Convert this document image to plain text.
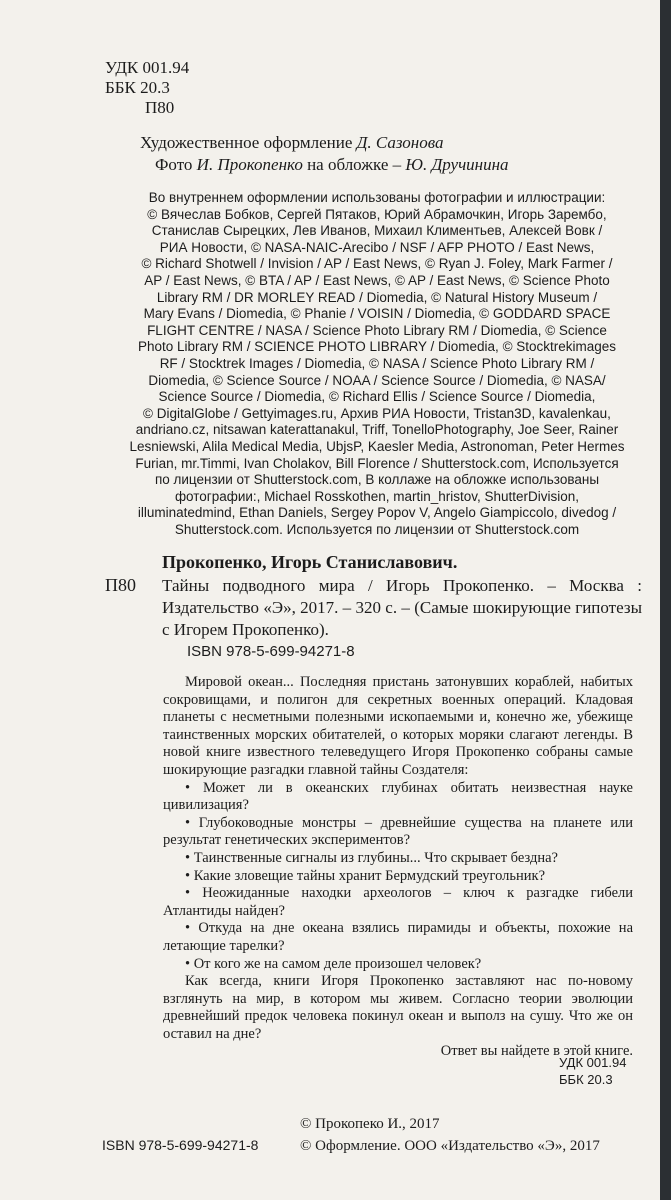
УДК 001.94
ББК 20.3
П80
Художественное оформление Д. Сазонова
Фото И. Прокопенко на обложке – Ю. Дручинина
Во внутреннем оформлении использованы фотографии и иллюстрации:
© Вячеслав Бобков, Сергей Пятаков, Юрий Абрамочкин, Игорь Зарембо,
Станислав Сырецких, Лев Иванов, Михаил Климентьев, Алексей Вовк /
РИА Новости, © NASA-NAIC-Arecibo / NSF / AFP PHOTO / East News,
© Richard Shotwell / Invision / AP / East News, © Ryan J. Foley, Mark Farmer /
AP / East News, © BTA / AP / East News, © AP / East News, © Science Photo
Library RM / DR MORLEY READ / Diomedia, © Natural History Museum /
Mary Evans / Diomedia, © Phanie / VOISIN / Diomedia, © GODDARD SPACE
FLIGHT CENTRE / NASA / Science Photo Library RM / Diomedia, © Science
Photo Library RM / SCIENCE PHOTO LIBRARY / Diomedia, © Stocktrekimages
RF / Stocktrek Images / Diomedia, © NASA / Science Photo Library RM /
Diomedia, © Science Source / NOAA / Science Source / Diomedia, © NASA/
Science Source / Diomedia, © Richard Ellis / Science Source / Diomedia,
© DigitalGlobe / Gettyimages.ru, Архив РИА Новости, Tristan3D, kavalenkau,
andriano.cz, nitsawan katerattanakul, Triff, TonelloPhotography, Joe Seer, Rainer
Lesniewski, Alila Medical Media, UbjsP, Kaesler Media, Astronoman, Peter Hermes
Furian, mr.Timmi, Ivan Cholakov, Bill Florence / Shutterstock.com, Используется
по лицензии от Shutterstock.com, В коллаже на обложке использованы
фотографии:, Michael Rosskothen, martin_hristov, ShutterDivision,
illuminatedmind, Ethan Daniels, Sergey Popov V, Angelo Giampiccolo, divedog /
Shutterstock.com. Используется по лицензии от Shutterstock.com
Прокопенко, Игорь Станиславович.
П80 Тайны подводного мира / Игорь Прокопенко. – Москва : Издательство «Э», 2017. – 320 с. – (Самые шокирующие гипотезы с Игорем Прокопенко).
ISBN 978-5-699-94271-8

Мировой океан... Последняя пристань затонувших кораблей, набитых сокровищами, и полигон для секретных военных операций. Кладовая планеты с несметными полезными ископаемыми и, конечно же, убежище таинственных морских обитателей, о которых моряки слагают легенды. В новой книге известного телеведущего Игоря Прокопенко собраны самые шокирующие разгадки главной тайны Создателя:

• Может ли в океанских глубинах обитать неизвестная науке цивилизация?

• Глубоководные монстры – древнейшие существа на планете или результат генетических экспериментов?

• Таинственные сигналы из глубины... Что скрывает бездна?

• Какие зловещие тайны хранит Бермудский треугольник?

• Неожиданные находки археологов – ключ к разгадке гибели Атлантиды найден?

• Откуда на дне океана взялись пирамиды и объекты, похожие на летающие тарелки?

• От кого же на самом деле произошел человек?

Как всегда, книги Игоря Прокопенко заставляют нас по-новому взглянуть на мир, в котором мы живем. Согласно теории эволюции древнейший предок человека покинул океан и выполз на сушу. Что же он оставил на дне?

Ответ вы найдете в этой книге.

УДК 001.94
ББК 20.3
© Прокопеко И., 2017
© Оформление. ООО «Издательство «Э», 2017
ISBN 978-5-699-94271-8
